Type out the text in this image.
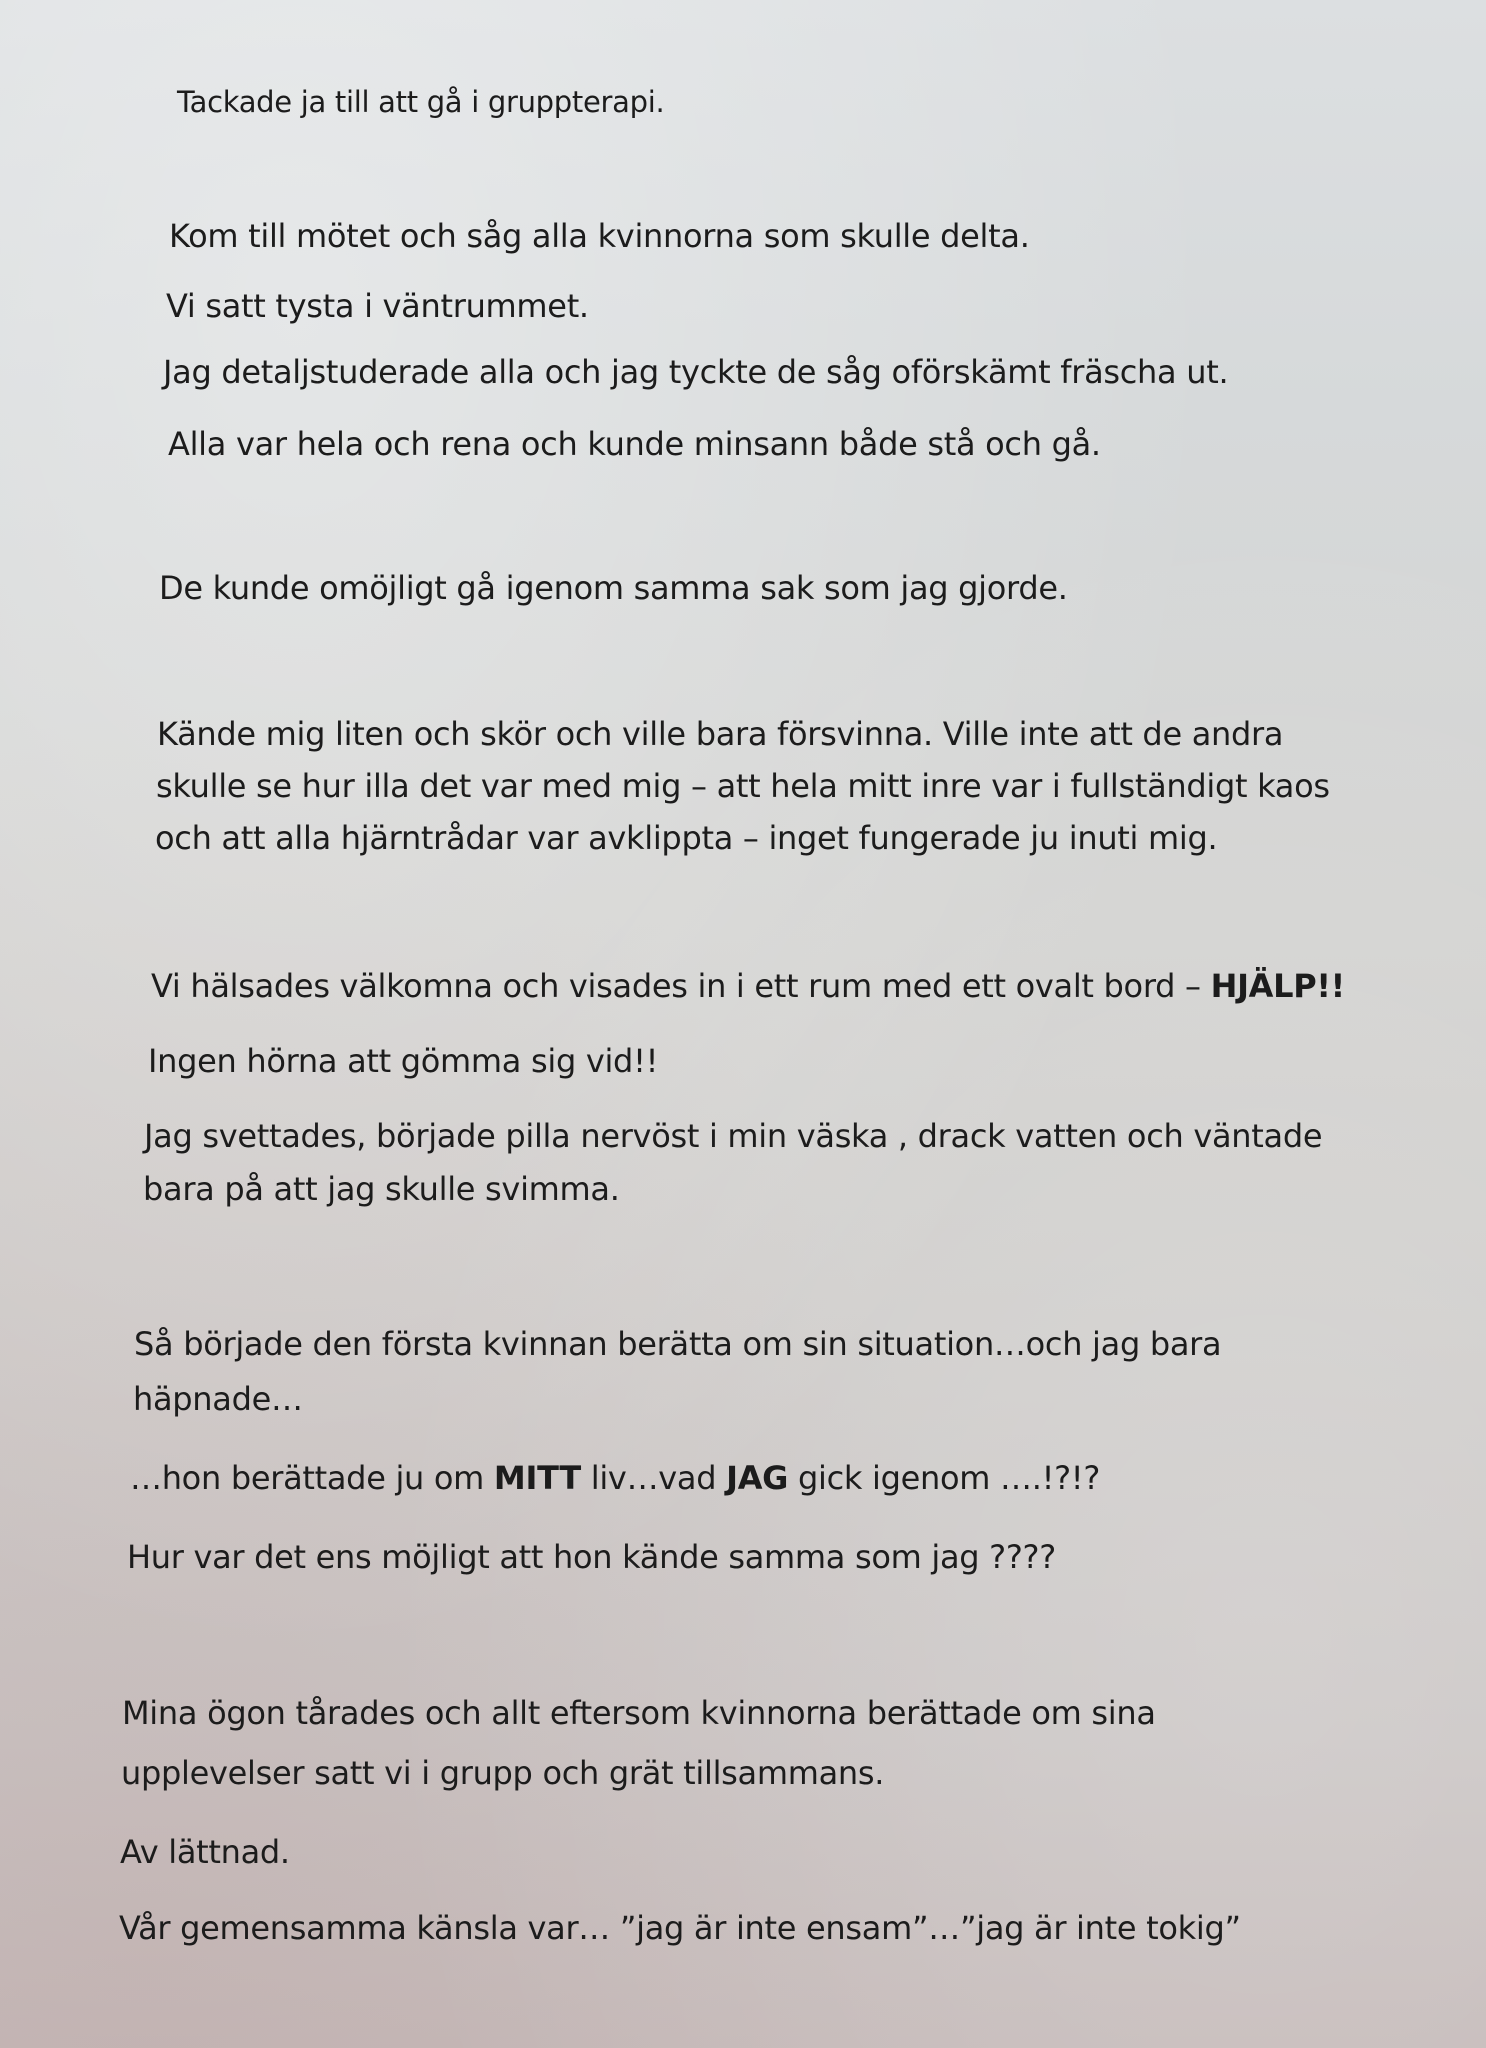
Tackade ja till att gå i gruppterapi.
Kom till mötet och såg alla kvinnorna som skulle delta.
Vi satt tysta i väntrummet.
Jag detaljstuderade alla och jag tyckte de såg oförskämt fräscha ut.
Alla var hela och rena och kunde minsann både stå och gå.
De kunde omöjligt gå igenom samma sak som jag gjorde.
Kände mig liten och skör och ville bara försvinna. Ville inte att de andra
skulle se hur illa det var med mig – att hela mitt inre var i fullständigt kaos
och att alla hjärntrådar var avklippta – inget fungerade ju inuti mig.
Vi hälsades välkomna och visades in i ett rum med ett ovalt bord – HJÄLP!!
Ingen hörna att gömma sig vid!!
Jag svettades, började pilla nervöst i min väska , drack vatten och väntade
bara på att jag skulle svimma.
Så började den första kvinnan berätta om sin situation…och jag bara
häpnade…
…hon berättade ju om MITT liv…vad JAG gick igenom ….!?!?
Hur var det ens möjligt att hon kände samma som jag ????
Mina ögon tårades och allt eftersom kvinnorna berättade om sina
upplevelser satt vi i grupp och grät tillsammans.
Av lättnad.
Vår gemensamma känsla var… ”jag är inte ensam”…”jag är inte tokig”
